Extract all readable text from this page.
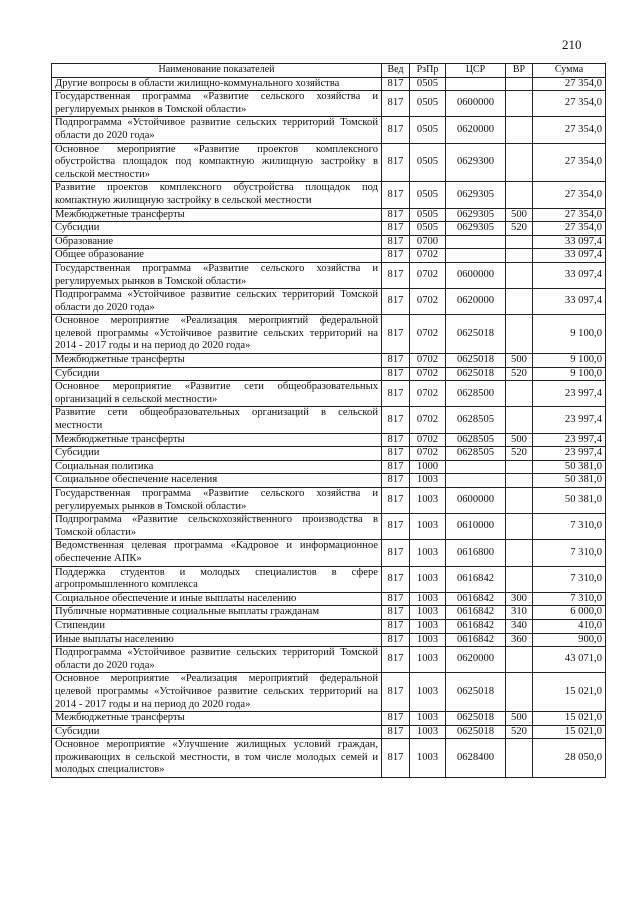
210
Наименование показателей	Вед	РзПр	ЦСР	ВР	Сумма
Другие вопросы в области жилищно-коммунального хозяйства	817	0505			27 354,0
Государственная программа «Развитие сельского хозяйства и регулируемых рынков в Томской области»	817	0505	0600000		27 354,0
Подпрограмма «Устойчивое развитие сельских территорий Томской области до 2020 года»	817	0505	0620000		27 354,0
Основное мероприятие «Развитие проектов комплексного обустройства площадок под компактную жилищную застройку в сельской местности»	817	0505	0629300		27 354,0
Развитие проектов комплексного обустройства площадок под компактную жилищную застройку в сельской местности	817	0505	0629305		27 354,0
Межбюджетные трансферты	817	0505	0629305	500	27 354,0
Субсидии	817	0505	0629305	520	27 354,0
Образование	817	0700			33 097,4
Общее образование	817	0702			33 097,4
Государственная программа «Развитие сельского хозяйства и регулируемых рынков в Томской области»	817	0702	0600000		33 097,4
Подпрограмма «Устойчивое развитие сельских территорий Томской области до 2020 года»	817	0702	0620000		33 097,4
Основное мероприятие «Реализация мероприятий федеральной целевой программы «Устойчивое развитие сельских территорий на 2014 - 2017 годы и на период до 2020 года»	817	0702	0625018		9 100,0
Межбюджетные трансферты	817	0702	0625018	500	9 100,0
Субсидии	817	0702	0625018	520	9 100,0
Основное мероприятие «Развитие сети общеобразовательных организаций в сельской местности»	817	0702	0628500		23 997,4
Развитие сети общеобразовательных организаций в сельской местности	817	0702	0628505		23 997,4
Межбюджетные трансферты	817	0702	0628505	500	23 997,4
Субсидии	817	0702	0628505	520	23 997,4
Социальная политика	817	1000			50 381,0
Социальное обеспечение населения	817	1003			50 381,0
Государственная программа «Развитие сельского хозяйства и регулируемых рынков в Томской области»	817	1003	0600000		50 381,0
Подпрограмма «Развитие сельскохозяйственного производства в Томской области»	817	1003	0610000		7 310,0
Ведомственная целевая программа «Кадровое и информационное обеспечение АПК»	817	1003	0616800		7 310,0
Поддержка студентов и молодых специалистов в сфере агропромышленного комплекса	817	1003	0616842		7 310,0
Социальное обеспечение и иные выплаты населению	817	1003	0616842	300	7 310,0
Публичные нормативные социальные выплаты гражданам	817	1003	0616842	310	6 000,0
Стипендии	817	1003	0616842	340	410,0
Иные выплаты населению	817	1003	0616842	360	900,0
Подпрограмма «Устойчивое развитие сельских территорий Томской области до 2020 года»	817	1003	0620000		43 071,0
Основное мероприятие «Реализация мероприятий федеральной целевой программы «Устойчивое развитие сельских территорий на 2014 - 2017 годы и на период до 2020 года»	817	1003	0625018		15 021,0
Межбюджетные трансферты	817	1003	0625018	500	15 021,0
Субсидии	817	1003	0625018	520	15 021,0
Основное мероприятие «Улучшение жилищных условий граждан, проживающих в сельской местности, в том числе молодых семей и молодых специалистов»	817	1003	0628400		28 050,0
